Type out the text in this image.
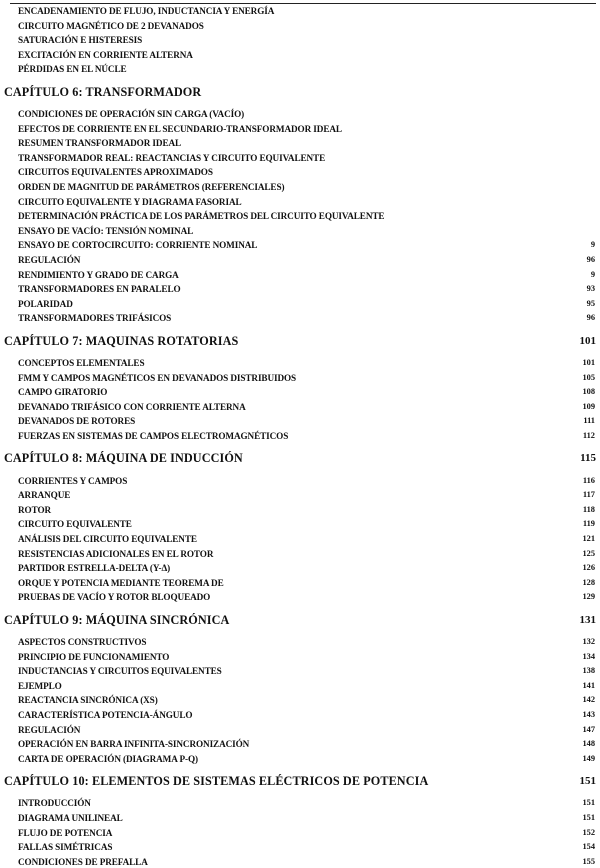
ENCADENAMIENTO DE FLUJO, INDUCTANCIA Y ENERGÍA
CIRCUITO MAGNÉTICO DE 2 DEVANADOS
SATURACIÓN E HISTERESIS
EXCITACIÓN EN CORRIENTE ALTERNA
PÉRDIDAS EN EL NÚCLE
CAPÍTULO 6: TRANSFORMADOR
CONDICIONES DE OPERACIÓN SIN CARGA (VACÍO)
EFECTOS DE CORRIENTE EN EL SECUNDARIO-TRANSFORMADOR IDEAL
RESUMEN TRANSFORMADOR IDEAL
TRANSFORMADOR REAL: REACTANCIAS Y CIRCUITO EQUIVALENTE
CIRCUITOS EQUIVALENTES APROXIMADOS
ORDEN DE MAGNITUD DE PARÁMETROS (REFERENCIALES)
CIRCUITO EQUIVALENTE Y DIAGRAMA FASORIAL
DETERMINACIÓN PRÁCTICA DE LOS PARÁMETROS DEL CIRCUITO EQUIVALENTE
ENSAYO DE VACÍO: TENSIÓN NOMINAL
ENSAYO DE CORTOCIRCUITO: CORRIENTE NOMINAL	9
REGULACIÓN	96
RENDIMIENTO Y GRADO DE CARGA	9
TRANSFORMADORES EN PARALELO	93
POLARIDAD	95
TRANSFORMADORES TRIFÁSICOS	96
CAPÍTULO 7: MAQUINAS ROTATORIAS	101
CONCEPTOS ELEMENTALES	101
FMM Y CAMPOS MAGNÉTICOS EN DEVANADOS DISTRIBUIDOS	105
CAMPO GIRATORIO	108
DEVANADO TRIFÁSICO CON CORRIENTE ALTERNA	109
DEVANADOS DE ROTORES	111
FUERZAS EN SISTEMAS DE CAMPOS ELECTROMAGNÉTICOS	112
CAPÍTULO 8: MÁQUINA DE INDUCCIÓN	115
CORRIENTES Y CAMPOS	116
ARRANQUE	117
ROTOR	118
CIRCUITO EQUIVALENTE	119
ANÁLISIS DEL CIRCUITO EQUIVALENTE	121
RESISTENCIAS ADICIONALES EN EL ROTOR	125
PARTIDOR ESTRELLA-DELTA (Y-Δ)	126
ORQUE Y POTENCIA MEDIANTE TEOREMA DE	128
PRUEBAS DE VACÍO Y ROTOR BLOQUEADO	129
CAPÍTULO 9: MÁQUINA SINCRÓNICA	131
ASPECTOS CONSTRUCTIVOS	132
PRINCIPIO DE FUNCIONAMIENTO	134
INDUCTANCIAS Y CIRCUITOS EQUIVALENTES	138
EJEMPLO	141
REACTANCIA SINCRÓNICA (XS)	142
CARACTERÍSTICA POTENCIA-ÁNGULO	143
REGULACIÓN	147
OPERACIÓN EN BARRA INFINITA-SINCRONIZACIÓN	148
CARTA DE OPERACIÓN (DIAGRAMA P-Q)	149
CAPÍTULO 10: ELEMENTOS DE SISTEMAS ELÉCTRICOS DE POTENCIA	151
INTRODUCCIÓN	151
DIAGRAMA UNILINEAL	151
FLUJO DE POTENCIA	152
FALLAS SIMÉTRICAS	154
CONDICIONES DE PREFALLA	155
